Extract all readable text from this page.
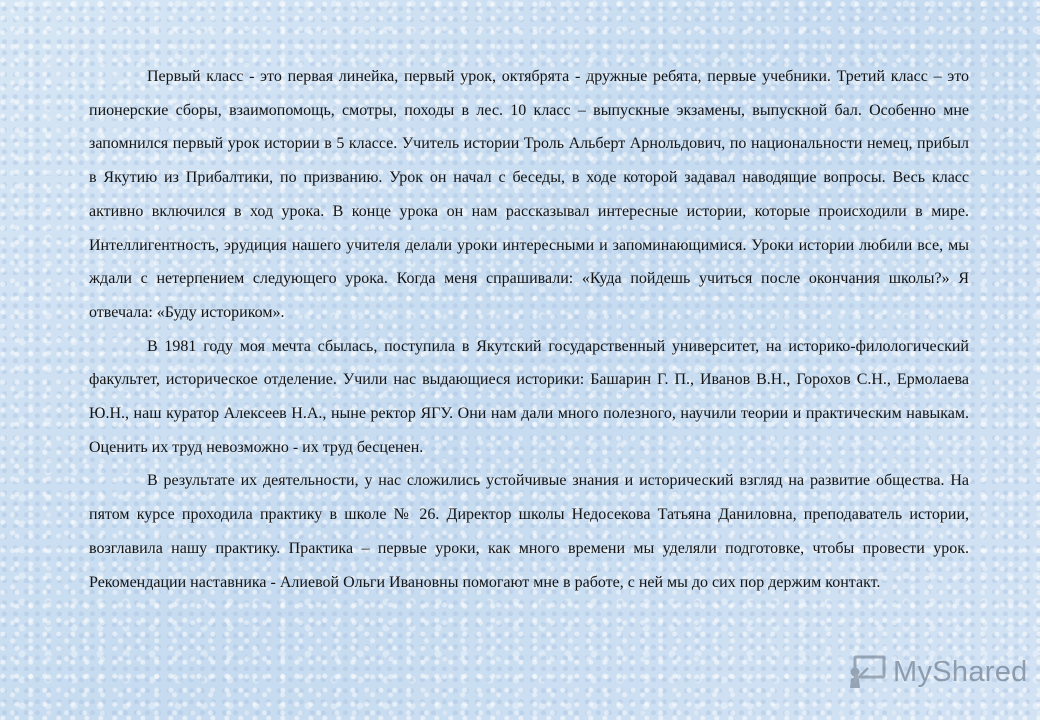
Первый класс - это первая линейка, первый урок, октябрята - дружные ребята, первые учебники. Третий класс – это пионерские сборы, взаимопомощь, смотры, походы в лес. 10 класс – выпускные экзамены, выпускной бал. Особенно мне запомнился первый урок истории в 5 классе. Учитель истории Троль Альберт Арнольдович, по национальности немец, прибыл в Якутию из Прибалтики, по призванию. Урок он начал с беседы, в ходе которой задавал наводящие вопросы. Весь класс активно включился в ход урока. В конце урока он нам рассказывал интересные истории, которые происходили в мире. Интеллигентность, эрудиция нашего учителя делали уроки интересными и запоминающимися. Уроки истории любили все, мы ждали с нетерпением следующего урока. Когда меня спрашивали: «Куда пойдешь учиться после окончания школы?» Я отвечала: «Буду историком».

В 1981 году моя мечта сбылась, поступила в Якутский государственный университет, на историко-филологический факультет, историческое отделение. Учили нас выдающиеся историки: Башарин Г. П., Иванов В.Н., Горохов С.Н., Ермолаева Ю.Н., наш куратор Алексеев Н.А., ныне ректор ЯГУ. Они нам дали много полезного, научили теории и практическим навыкам. Оценить их труд невозможно - их труд бесценен.

В результате их деятельности, у нас сложились устойчивые знания и исторический взгляд на развитие общества. На пятом курсе проходила практику в школе № 26. Директор школы Недосекова Татьяна Даниловна, преподаватель истории, возглавила нашу практику. Практика – первые уроки, как много времени мы уделяли подготовке, чтобы провести урок. Рекомендации наставника - Алиевой Ольги Ивановны помогают мне в работе, с ней мы до сих пор держим контакт.

MyShared
